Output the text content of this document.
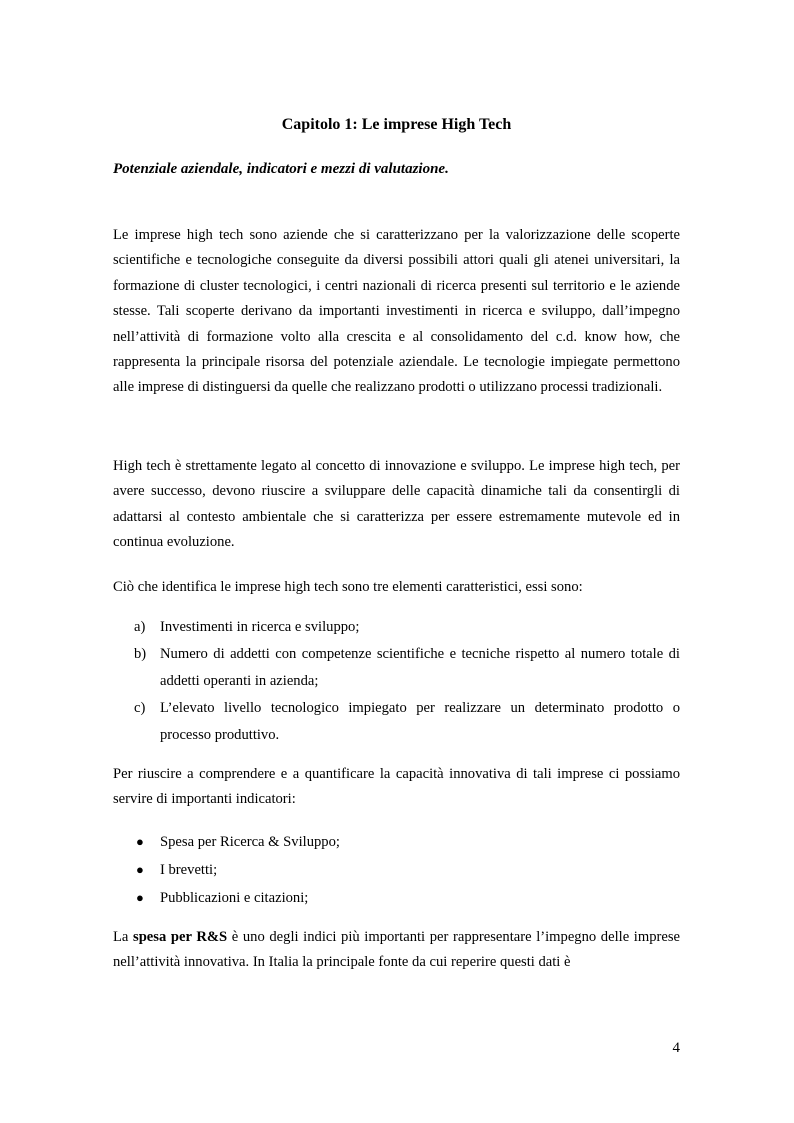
Capitolo 1: Le imprese High Tech
Potenziale aziendale, indicatori e mezzi di valutazione.

Le imprese high tech sono aziende che si caratterizzano per la valorizzazione delle scoperte scientifiche e tecnologiche conseguite da diversi possibili attori quali gli atenei universitari, la formazione di cluster tecnologici, i centri nazionali di ricerca presenti sul territorio e le aziende stesse. Tali scoperte derivano da importanti investimenti in ricerca e sviluppo, dall’impegno nell’attività di formazione volto alla crescita e al consolidamento del c.d. know how, che rappresenta la principale risorsa del potenziale aziendale. Le tecnologie impiegate permettono alle imprese di distinguersi da quelle che realizzano prodotti o utilizzano processi tradizionali.

High tech è strettamente legato al concetto di innovazione e sviluppo. Le imprese high tech, per avere successo, devono riuscire a sviluppare delle capacità dinamiche tali da consentirgli di adattarsi al contesto ambientale che si caratterizza per essere estremamente mutevole ed in continua evoluzione.

Ciò che identifica le imprese high tech sono tre elementi caratteristici, essi sono:

a) Investimenti in ricerca e sviluppo;
b) Numero di addetti con competenze scientifiche e tecniche rispetto al numero totale di addetti operanti in azienda;
c) L’elevato livello tecnologico impiegato per realizzare un determinato prodotto o processo produttivo.

Per riuscire a comprendere e a quantificare la capacità innovativa di tali imprese ci possiamo servire di importanti indicatori:

● Spesa per Ricerca & Sviluppo;
● I brevetti;
● Pubblicazioni e citazioni;

La spesa per R&S è uno degli indici più importanti per rappresentare l’impegno delle imprese nell’attività innovativa. In Italia la principale fonte da cui reperire questi dati è

4
